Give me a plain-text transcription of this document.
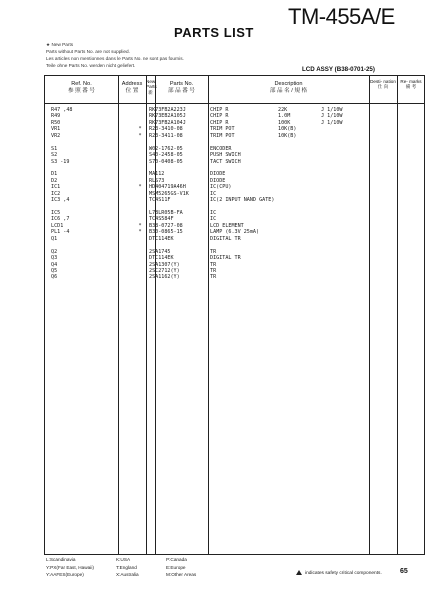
TM-455A/E
PARTS LIST
★ New Parts
Parts without Parts No. are not supplied.
Les articles non mentionnes dans le Parts No. ne sont pas fournis.
Teile ohne Parts No. werden nicht geliefert.
LCD ASSY (B38-0701-25)
Ref. No.
参 照 番 号
Address
位 置
New Parts
新
Parts No.
部 品 番 号
Description
部 品 名 / 規 格
Desti- nation
仕 向
Re- marks
備 考
R47 ,48	RK73FB2A223J	CHIP R	22K	J 1/10W
R49	RK73EB2A105J	CHIP R	1.0M	J 1/10W
R50	RK73FB2A104J	CHIP R	100K	J 1/10W
VR1	*	R23-3410-08	TRIM POT	10K(B)
VR2	*	R23-3411-08	TRIM POT	10K(B)
S1	W02-1762-05	ENCODER
S2	S40-2458-05	PUSH SWICH
S3 -19	S70-0408-05	TACT SWICH
D1	MA112	DIODE
D2	RLS73	DIODE
IC1	*	HD404719A46H	IC(CPU)
IC2	MSM5265GS-V1K	IC
IC3 ,4	TC4S11F	IC(2 INPUT NAND GATE)
IC5	L78LR05B-FA	IC
IC6 ,7	TC4S584F	IC
LCD1	*	B38-0727-08	LCD ELEMENT
PL1 -4	*	B30-0865-15	LAMP (6.3V 25mA)
Q1	DTC114EK	DIGITAL TR
Q2	2SA1745	TR
Q3	DTC114EK	DIGITAL TR
Q4	2SA1307(Y)	TR
Q5	2SC2712(Y)	TR
Q6	2SA1162(Y)	TR
L:Scandinavia
Y:PX(Far East, Hawaii)
Y:AAFES(Europe)
K:USA
T:England
X:Australia
P:Canada
E:Europe
M:Other Areas	indicates safety critical components.	65
